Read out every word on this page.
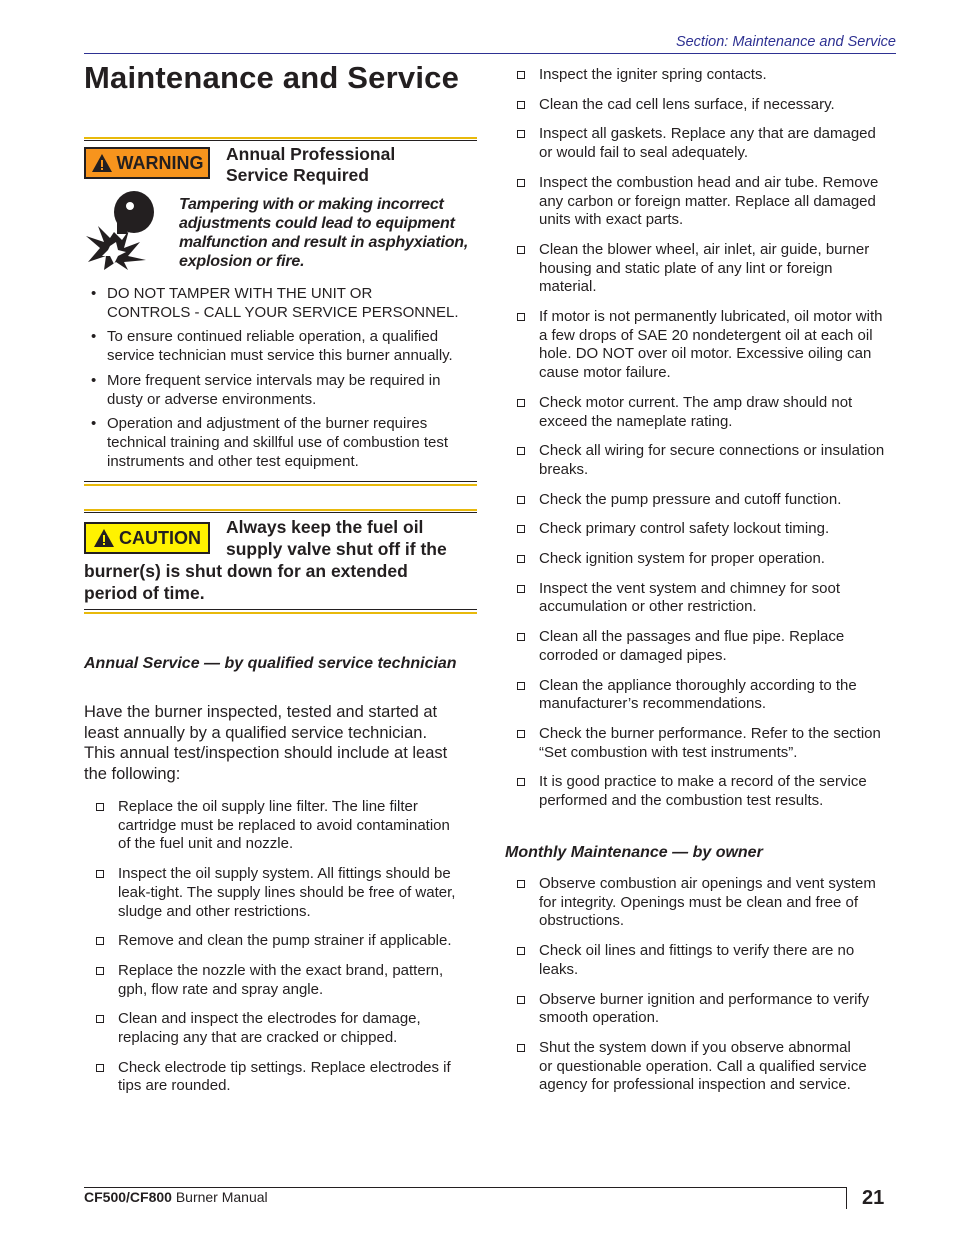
Section: Maintenance and Service
Maintenance and Service
WARNING Annual Professional
Service Required
Tampering with or making incorrect
adjustments could lead to equipment
malfunction and result in asphyxiation,
explosion or fire.
• DO NOT TAMPER WITH THE UNIT OR
CONTROLS - CALL YOUR SERVICE PERSONNEL.
• To ensure continued reliable operation, a qualified
service technician must service this burner annually.
• More frequent service intervals may be required in
dusty or adverse environments.
• Operation and adjustment of the burner requires
technical training and skillful use of combustion test
instruments and other test equipment.
CAUTION
Always keep the fuel oil
supply valve shut off if the
burner(s) is shut down for an extended
period of time.
Annual Service — by qualified service technician
Have the burner inspected, tested and started at
least annually by a qualified service technician.
This annual test/inspection should include at least
the following:
Replace the oil supply line filter. The line filter
cartridge must be replaced to avoid contamination
of the fuel unit and nozzle.
Inspect the oil supply system. All fittings should be
leak-tight. The supply lines should be free of water,
sludge and other restrictions.
Remove and clean the pump strainer if applicable.
Replace the nozzle with the exact brand, pattern,
gph, flow rate and spray angle.
Clean and inspect the electrodes for damage,
replacing any that are cracked or chipped.
Check electrode tip settings. Replace electrodes if
tips are rounded.
Inspect the igniter spring contacts.
Clean the cad cell lens surface, if necessary.
Inspect all gaskets. Replace any that are damaged
or would fail to seal adequately.
Inspect the combustion head and air tube. Remove
any carbon or foreign matter. Replace all damaged
units with exact parts.
Clean the blower wheel, air inlet, air guide, burner
housing and static plate of any lint or foreign
material.
If motor is not permanently lubricated, oil motor with
a few drops of SAE 20 nondetergent oil at each oil
hole. DO NOT over oil motor. Excessive oiling can
cause motor failure.
Check motor current. The amp draw should not
exceed the nameplate rating.
Check all wiring for secure connections or insulation
breaks.
Check the pump pressure and cutoff function.
Check primary control safety lockout timing.
Check ignition system for proper operation.
Inspect the vent system and chimney for soot
accumulation or other restriction.
Clean all the passages and flue pipe. Replace
corroded or damaged pipes.
Clean the appliance thoroughly according to the
manufacturer’s recommendations.
Check the burner performance. Refer to the section
“Set combustion with test instruments”.
It is good practice to make a record of the service
performed and the combustion test results.
Monthly Maintenance — by owner
Observe combustion air openings and vent system
for integrity. Openings must be clean and free of
obstructions.
Check oil lines and fittings to verify there are no
leaks.
Observe burner ignition and performance to verify
smooth operation.
Shut the system down if you observe abnormal
or questionable operation. Call a qualified service
agency for professional inspection and service.
CF500/CF800 Burner Manual	21
